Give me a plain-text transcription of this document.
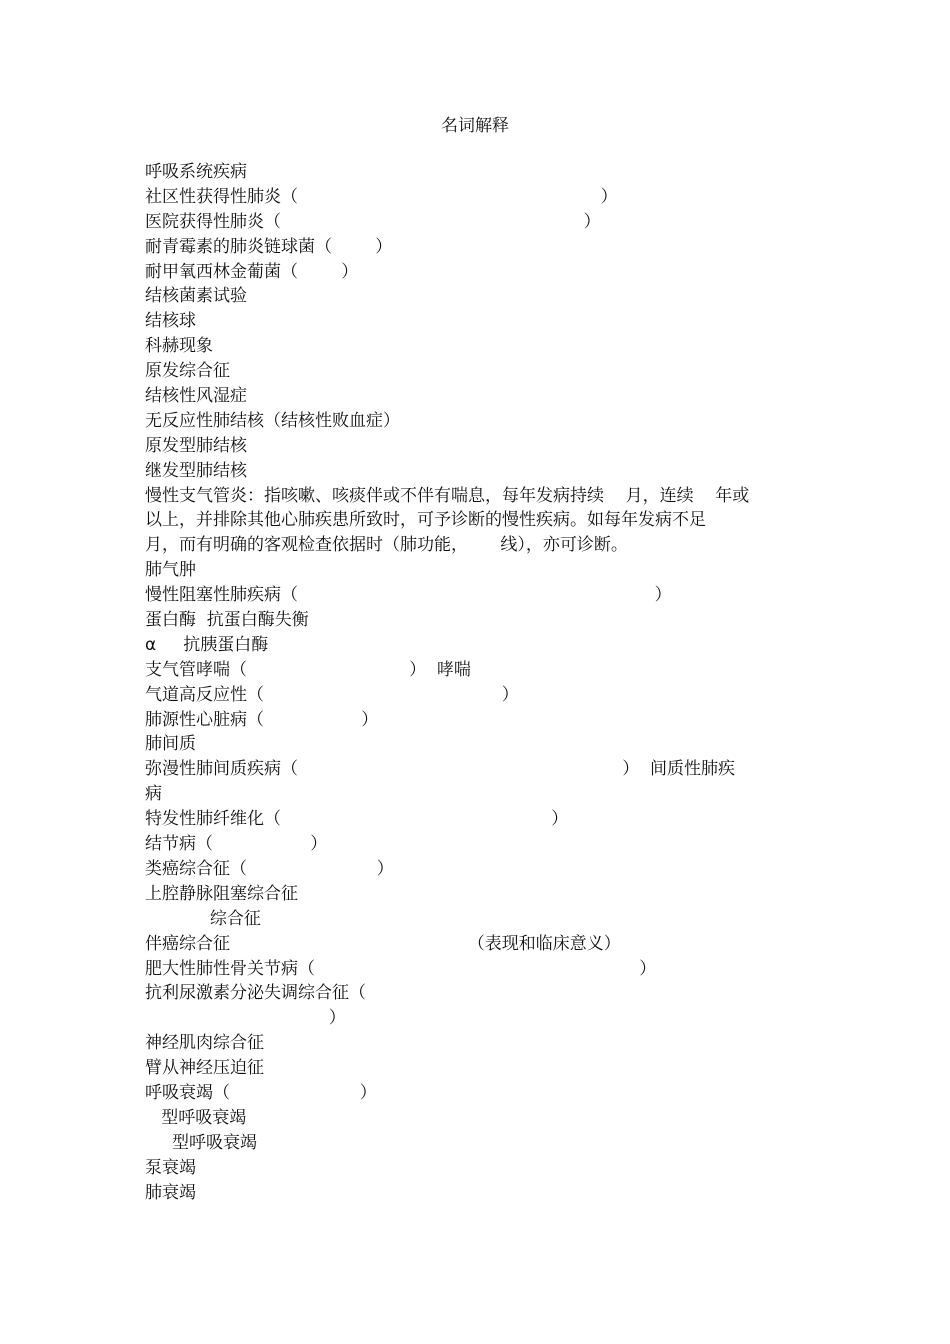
名词解释
呼吸系统疾病
社区性获得性肺炎（                                                        ）
医院获得性肺炎（                                                        ）
耐青霉素的肺炎链球菌（        ）
耐甲氧西林金葡菌（        ）
结核菌素试验
结核球
科赫现象
原发综合征
结核性风湿症
无反应性肺结核（结核性败血症）
原发型肺结核
继发型肺结核
慢性支气管炎：指咳嗽、咳痰伴或不伴有喘息，每年发病持续    月，连续    年或
以上，并排除其他心肺疾患所致时，可予诊断的慢性疾病。如每年发病不足
月，而有明确的客观检查依据时（肺功能，      线），亦可诊断。
肺气肿
慢性阻塞性肺疾病（                                                                  ）
蛋白酶  抗蛋白酶失衡
α     抗胰蛋白酶
支气管哮喘（                              ）  哮喘
气道高反应性（                                            ）
肺源性心脏病（                  ）
肺间质
弥漫性肺间质疾病（                                                            ）  间质性肺疾
病
特发性肺纤维化（                                                  ）
结节病（                  ）
类癌综合征（                        ）
上腔静脉阻塞综合征
综合征
伴癌综合征                                            （表现和临床意义）
肥大性肺性骨关节病（                                                            ）
抗利尿激素分泌失调综合征（
）
神经肌肉综合征
臂从神经压迫征
呼吸衰竭（                        ）
型呼吸衰竭
型呼吸衰竭
泵衰竭
肺衰竭
